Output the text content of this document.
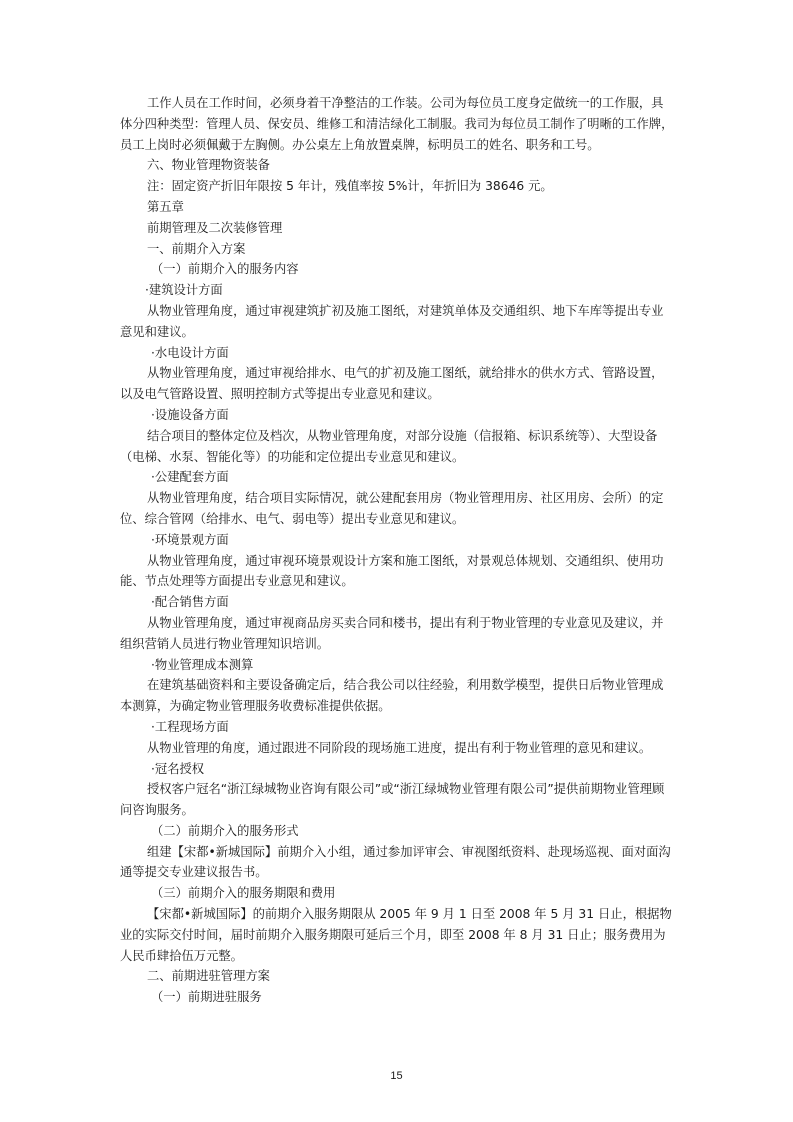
工作人员在工作时间，必须身着干净整洁的工作装。公司为每位员工度身定做统一的工作服，具体分四种类型：管理人员、保安员、维修工和清洁绿化工制服。我司为每位员工制作了明晰的工作牌，员工上岗时必须佩戴于左胸侧。办公桌左上角放置桌牌，标明员工的姓名、职务和工号。

六、物业管理物资装备

注：固定资产折旧年限按 5 年计，残值率按 5%计，年折旧为 38646 元。

第五章

前期管理及二次装修管理

一、前期介入方案

（一）前期介入的服务内容

·建筑设计方面

从物业管理角度，通过审视建筑扩初及施工图纸，对建筑单体及交通组织、地下车库等提出专业意见和建议。

·水电设计方面

从物业管理角度，通过审视给排水、电气的扩初及施工图纸，就给排水的供水方式、管路设置，以及电气管路设置、照明控制方式等提出专业意见和建议。

·设施设备方面

结合项目的整体定位及档次，从物业管理角度，对部分设施（信报箱、标识系统等）、大型设备（电梯、水泵、智能化等）的功能和定位提出专业意见和建议。

·公建配套方面

从物业管理角度，结合项目实际情况，就公建配套用房（物业管理用房、社区用房、会所）的定位、综合管网（给排水、电气、弱电等）提出专业意见和建议。

·环境景观方面

从物业管理角度，通过审视环境景观设计方案和施工图纸，对景观总体规划、交通组织、使用功能、节点处理等方面提出专业意见和建议。

·配合销售方面

从物业管理角度，通过审视商品房买卖合同和楼书，提出有利于物业管理的专业意见及建议，并组织营销人员进行物业管理知识培训。

·物业管理成本测算

在建筑基础资料和主要设备确定后，结合我公司以往经验，利用数学模型，提供日后物业管理成本测算，为确定物业管理服务收费标准提供依据。

·工程现场方面

从物业管理的角度，通过跟进不同阶段的现场施工进度，提出有利于物业管理的意见和建议。

·冠名授权

授权客户冠名“浙江绿城物业咨询有限公司”或“浙江绿城物业管理有限公司”提供前期物业管理顾问咨询服务。

（二）前期介入的服务形式

组建【宋都•新城国际】前期介入小组，通过参加评审会、审视图纸资料、赴现场巡视、面对面沟通等提交专业建议报告书。

（三）前期介入的服务期限和费用

【宋都•新城国际】的前期介入服务期限从 2005 年 9 月 1 日至 2008 年 5 月 31 日止，根据物业的实际交付时间，届时前期介入服务期限可延后三个月，即至 2008 年 8 月 31 日止；服务费用为人民币肆拾伍万元整。

二、前期进驻管理方案

（一）前期进驻服务

15
